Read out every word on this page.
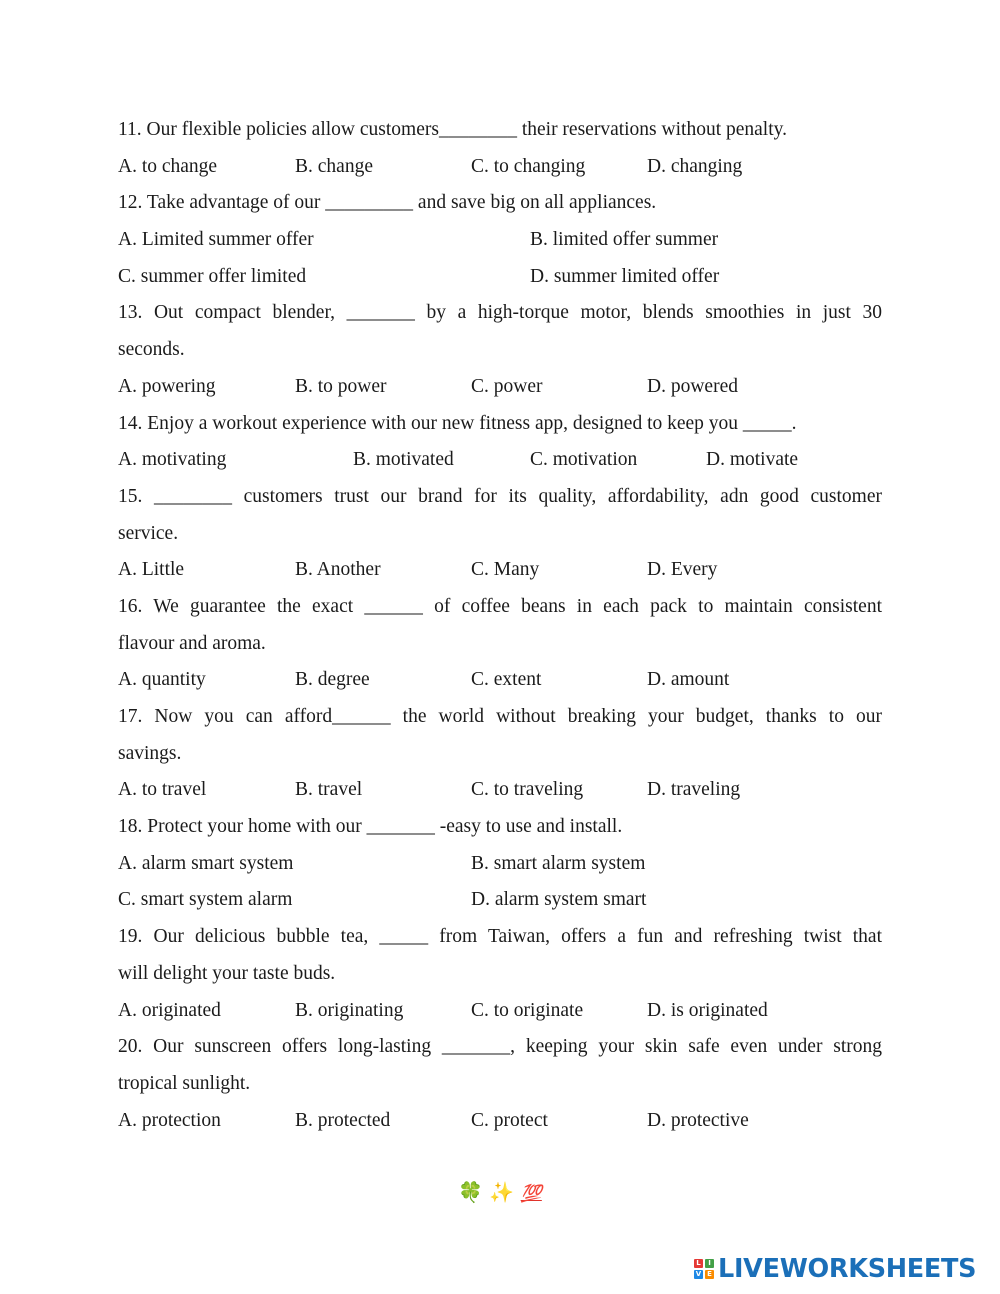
11. Our flexible policies allow customers________ their reservations without penalty.
A. to change	B. change	C. to changing	D. changing
12. Take advantage of our _________ and save big on all appliances.
A. Limited summer offer	B. limited offer summer
C. summer offer limited	D. summer limited offer
13. Out compact blender, _______ by a high-torque motor, blends smoothies in just 30
seconds.
A. powering	B. to power	C. power	D. powered
14. Enjoy a workout experience with our new fitness app, designed to keep you _____.
A. motivating	B. motivated	C. motivation	D. motivate
15. ________ customers trust our brand for its quality, affordability, adn good customer
service.
A. Little	B. Another	C. Many	D. Every
16. We guarantee the exact ______ of coffee beans in each pack to maintain consistent
flavour and aroma.
A. quantity	B. degree	C. extent	D. amount
17. Now you can afford______ the world without breaking your budget, thanks to our
savings.
A. to travel	B. travel	C. to traveling	D. traveling
18. Protect your home with our _______ -easy to use and install.
A. alarm smart system	B. smart alarm system
C. smart system alarm	D. alarm system smart
19. Our delicious bubble tea, _____ from Taiwan, offers a fun and refreshing twist that
will delight your taste buds.
A. originated	B. originating	C. to originate	D. is originated
20. Our sunscreen offers long-lasting _______, keeping your skin safe even under strong
tropical sunlight.
A. protection	B. protected	C. protect	D. protective
🍀 ✨ 💯
L	I
V E LIVEWORKSHEETS
